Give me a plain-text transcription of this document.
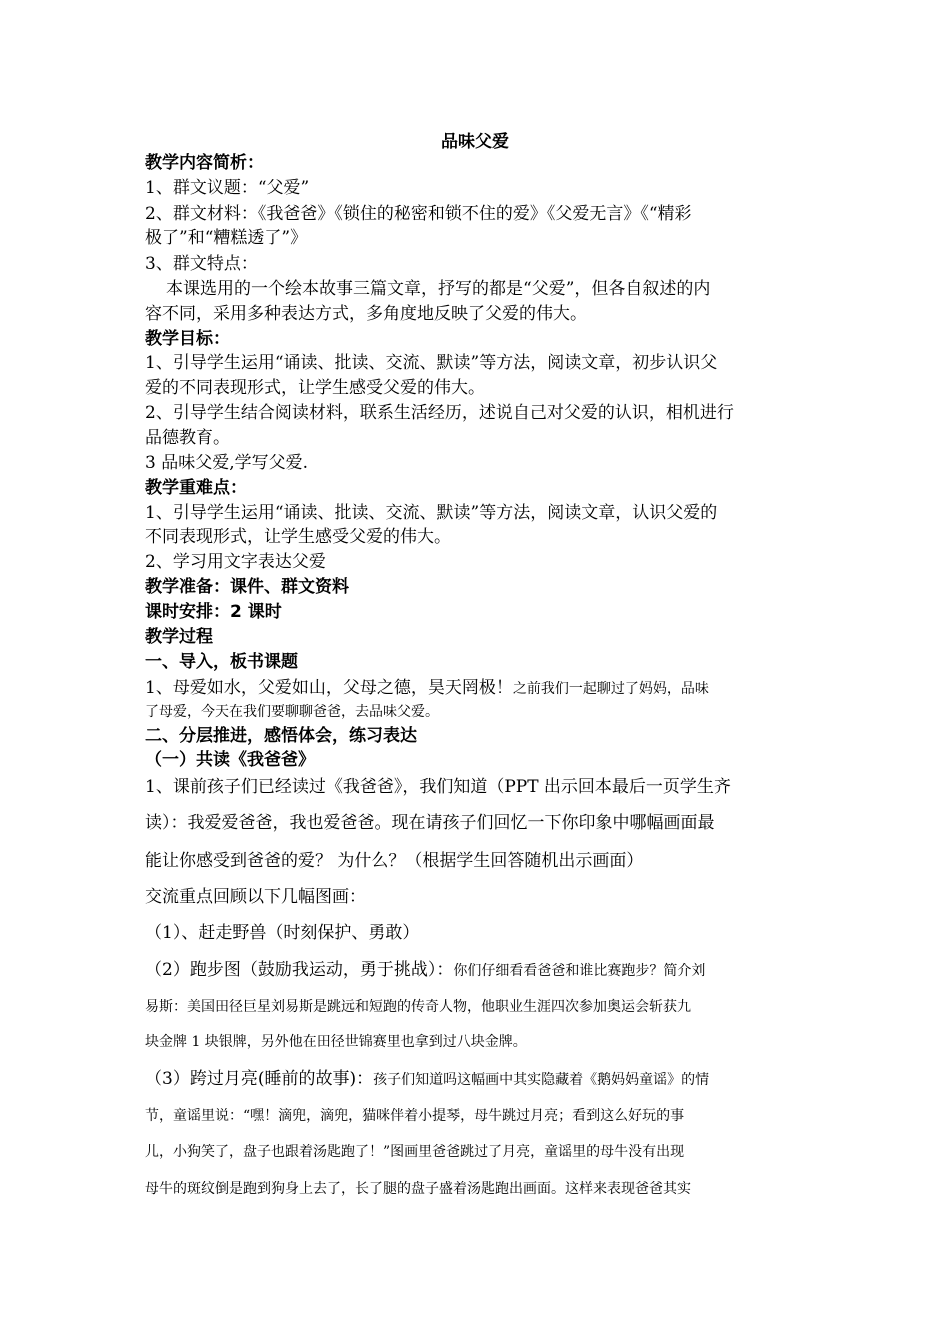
品味父爱
教学内容简析：
1、群文议题：“父爱”
2、群文材料：《我爸爸》《锁住的秘密和锁不住的爱》《父爱无言》《“精彩
极了”和“糟糕透了”》
3、群文特点：
本课选用的一个绘本故事三篇文章，抒写的都是“父爱”，但各自叙述的内
容不同，采用多种表达方式，多角度地反映了父爱的伟大。
教学目标：
1、引导学生运用“诵读、批读、交流、默读”等方法，阅读文章，初步认识父
爱的不同表现形式，让学生感受父爱的伟大。
2、引导学生结合阅读材料，联系生活经历，述说自己对父爱的认识，相机进行
品德教育。
3 品味父爱,学写父爱.
教学重难点：
1、引导学生运用“诵读、批读、交流、默读”等方法，阅读文章，认识父爱的
不同表现形式，让学生感受父爱的伟大。
2、学习用文字表达父爱
教学准备：课件、群文资料
课时安排：2 课时
教学过程
一、导入，板书课题
1、母爱如水，父爱如山，父母之德，昊天罔极！之前我们一起聊过了妈妈，品味
了母爱，今天在我们要聊聊爸爸，去品味父爱。
二、分层推进，感悟体会，练习表达
（一）共读《我爸爸》
1、课前孩子们已经读过《我爸爸》，我们知道（PPT 出示回本最后一页学生齐
读）：我爱爱爸爸，我也爱爸爸。现在请孩子们回忆一下你印象中哪幅画面最
能让你感受到爸爸的爱？ 为什么？（根据学生回答随机出示画面）
交流重点回顾以下几幅图画：
（1）、赶走野兽（时刻保护、勇敢）
（2）跑步图（鼓励我运动，勇于挑战）：你们仔细看看爸爸和谁比赛跑步？简介刘
易斯：美国田径巨星刘易斯是跳远和短跑的传奇人物，他职业生涯四次参加奥运会斩获九
块金牌 1 块银牌，另外他在田径世锦赛里也拿到过八块金牌。
（3）跨过月亮(睡前的故事)：孩子们知道吗这幅画中其实隐藏着《鹅妈妈童谣》的情
节，童谣里说：“嘿！滴兜，滴兜，猫咪伴着小提琴，母牛跳过月亮；看到这么好玩的事
儿，小狗笑了，盘子也跟着汤匙跑了！”图画里爸爸跳过了月亮，童谣里的母牛没有出现
母牛的斑纹倒是跑到狗身上去了，长了腿的盘子盛着汤匙跑出画面。这样来表现爸爸其实
